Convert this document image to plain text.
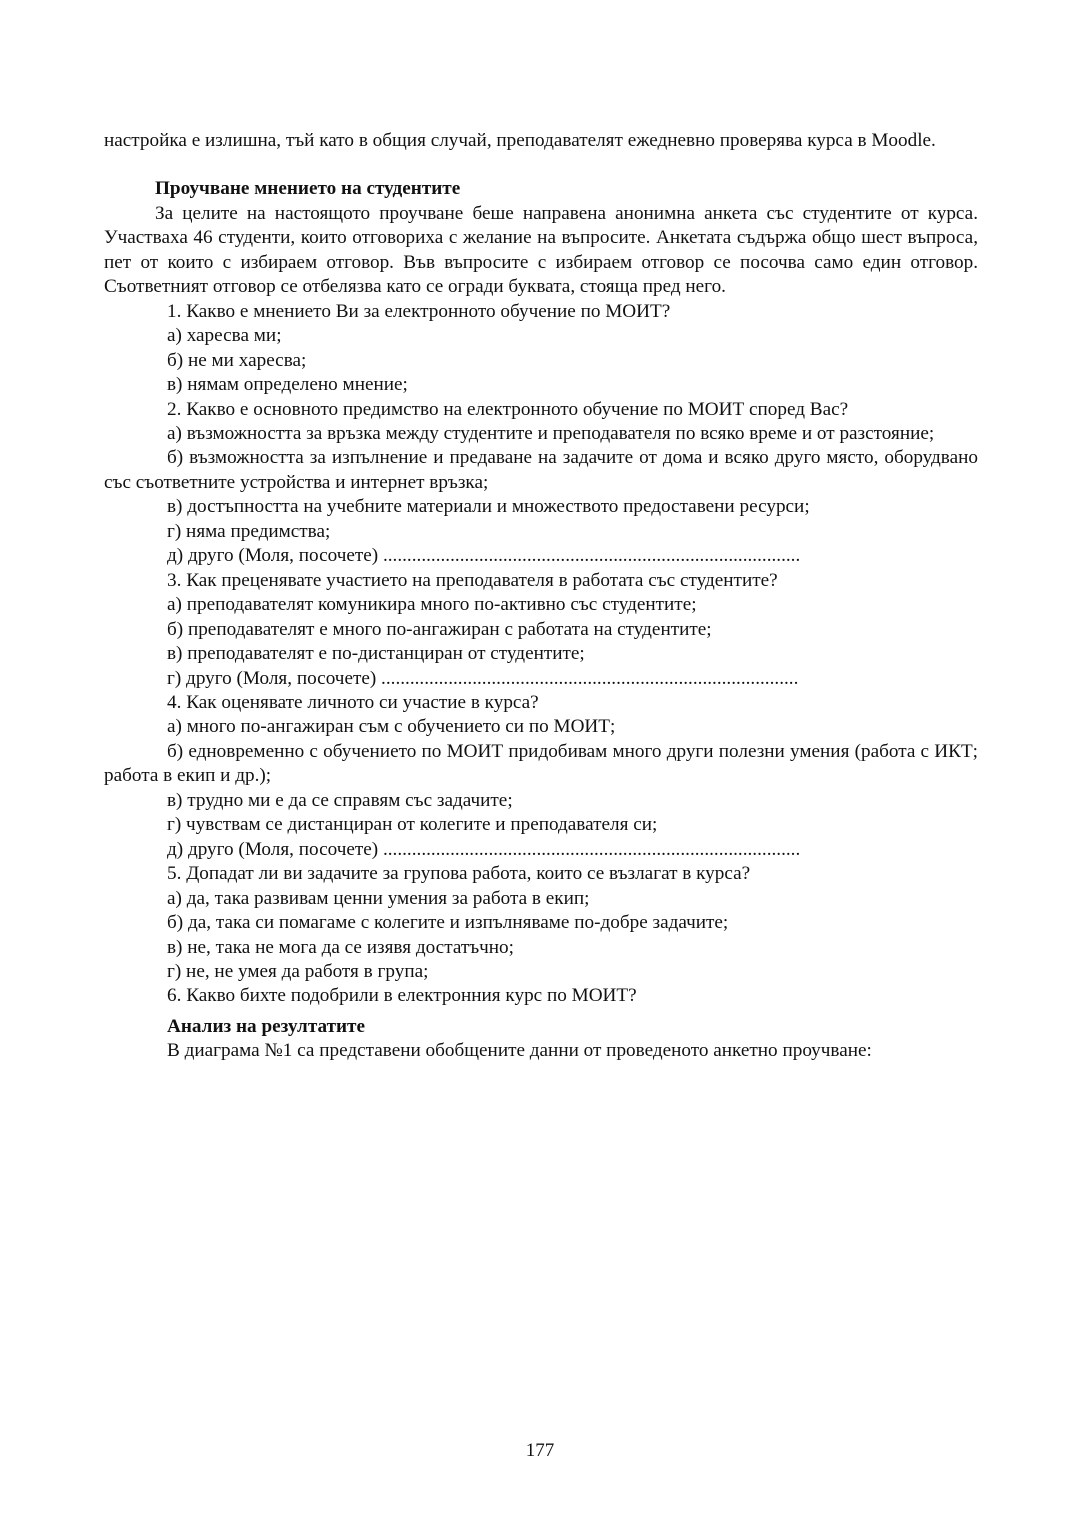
настройка е излишна, тъй като в общия случай, преподавателят ежедневно проверява курса в Moodle.

Проучване мнението на студентите

За целите на настоящото проучване беше направена анонимна анкета със студентите от курса. Участваха 46 студенти, които отговориха с желание на въпросите. Анкетата съдържа общо шест въпроса, пет от които с избираем отговор. Във въпросите с избираем отговор се посочва само един отговор. Съответният отговор се отбелязва като се огради буквата, стояща пред него.

1. Какво е мнението Ви за електронното обучение по МОИТ?

а) харесва ми;

б) не ми харесва;

в) нямам определено мнение;

2. Какво е основното предимство на електронното обучение по МОИТ според Вас?

а) възможността за връзка между студентите и преподавателя по всяко време и от разстояние;

б) възможността за изпълнение и предаване на задачите от дома и всяко друго място, оборудвано със съответните устройства и интернет връзка;

в) достъпността на учебните материали и множеството предоставени ресурси;

г) няма предимства;

д) друго (Моля, посочете) .......................................................................................

3. Как преценявате участието на преподавателя в работата със студентите?

а) преподавателят комуникира много по-активно със студентите;

б) преподавателят е много по-ангажиран с работата на студентите;

в) преподавателят е по-дистанциран от студентите;

г) друго (Моля, посочете) .......................................................................................

4. Как оценявате личното си участие в курса?

а) много по-ангажиран съм с обучението си по МОИТ;

б) едновременно с обучението по МОИТ придобивам много други полезни умения (работа с ИКТ; работа в екип и др.);

в) трудно ми е да се справям със задачите;

г) чувствам се дистанциран от колегите и преподавателя си;

д) друго (Моля, посочете) .......................................................................................

5. Допадат ли ви задачите за групова работа, които се възлагат в курса?

а) да, така развивам ценни умения за работа в екип;

б) да, така си помагаме с колегите и изпълняваме по-добре задачите;

в) не, така не мога да се изявя достатъчно;

г) не, не умея да работя в група;

6. Какво бихте подобрили в електронния курс по МОИТ?

Анализ на резултатите

В диаграма №1 са представени обобщените данни от проведеното анкетно проучване:

177
